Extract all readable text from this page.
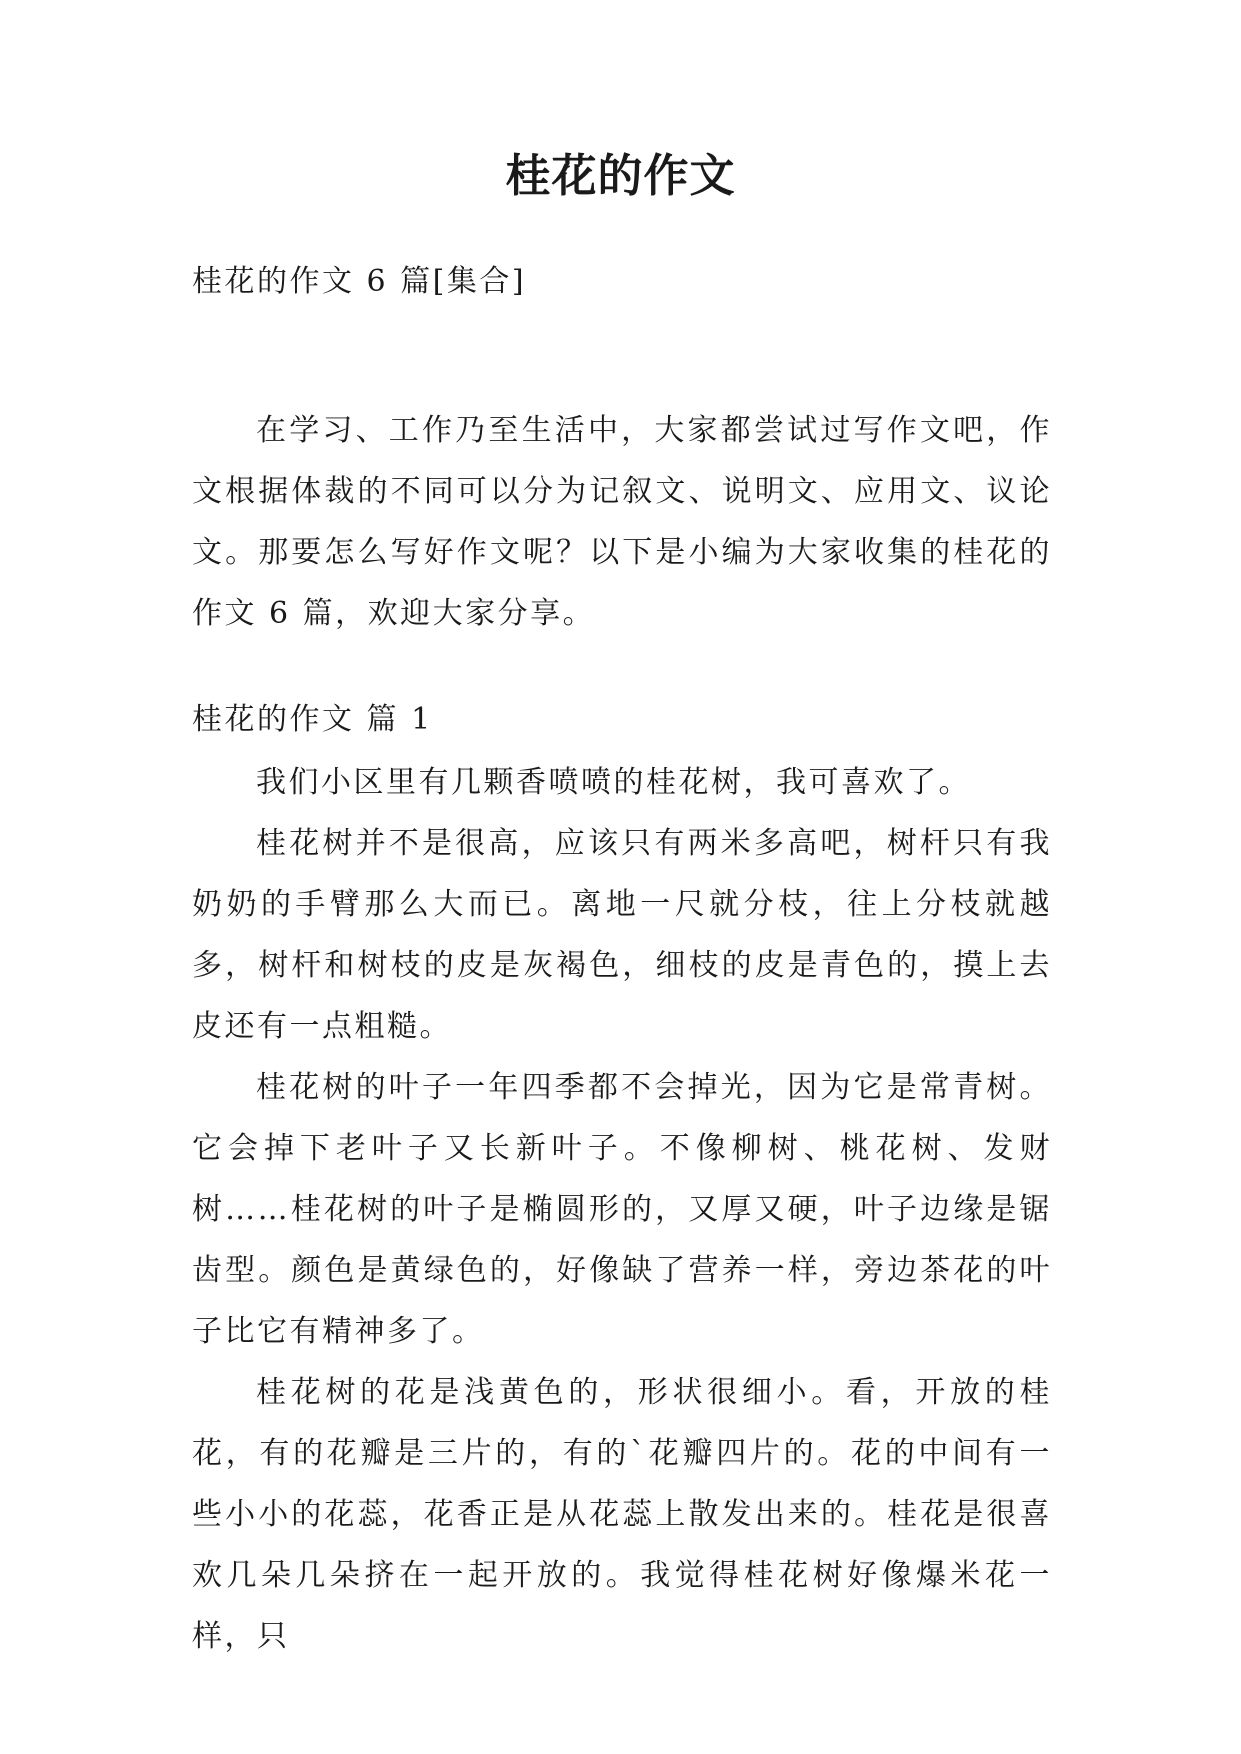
桂花的作文
桂花的作文 6 篇[集合]
在学习、工作乃至生活中，大家都尝试过写作文吧，作文根据体裁的不同可以分为记叙文、说明文、应用文、议论文。那要怎么写好作文呢？以下是小编为大家收集的桂花的作文 6 篇，欢迎大家分享。
桂花的作文 篇 1

我们小区里有几颗香喷喷的桂花树，我可喜欢了。

桂花树并不是很高，应该只有两米多高吧，树杆只有我奶奶的手臂那么大而已。离地一尺就分枝，往上分枝就越多，树杆和树枝的皮是灰褐色，细枝的皮是青色的，摸上去皮还有一点粗糙。

桂花树的叶子一年四季都不会掉光，因为它是常青树。它会掉下老叶子又长新叶子。不像柳树、桃花树、发财树……桂花树的叶子是椭圆形的，又厚又硬，叶子边缘是锯齿型。颜色是黄绿色的，好像缺了营养一样，旁边茶花的叶子比它有精神多了。

桂花树的花是浅黄色的，形状很细小。看，开放的桂花，有的花瓣是三片的，有的`花瓣四片的。花的中间有一些小小的花蕊，花香正是从花蕊上散发出来的。桂花是很喜欢几朵几朵挤在一起开放的。我觉得桂花树好像爆米花一样，只
